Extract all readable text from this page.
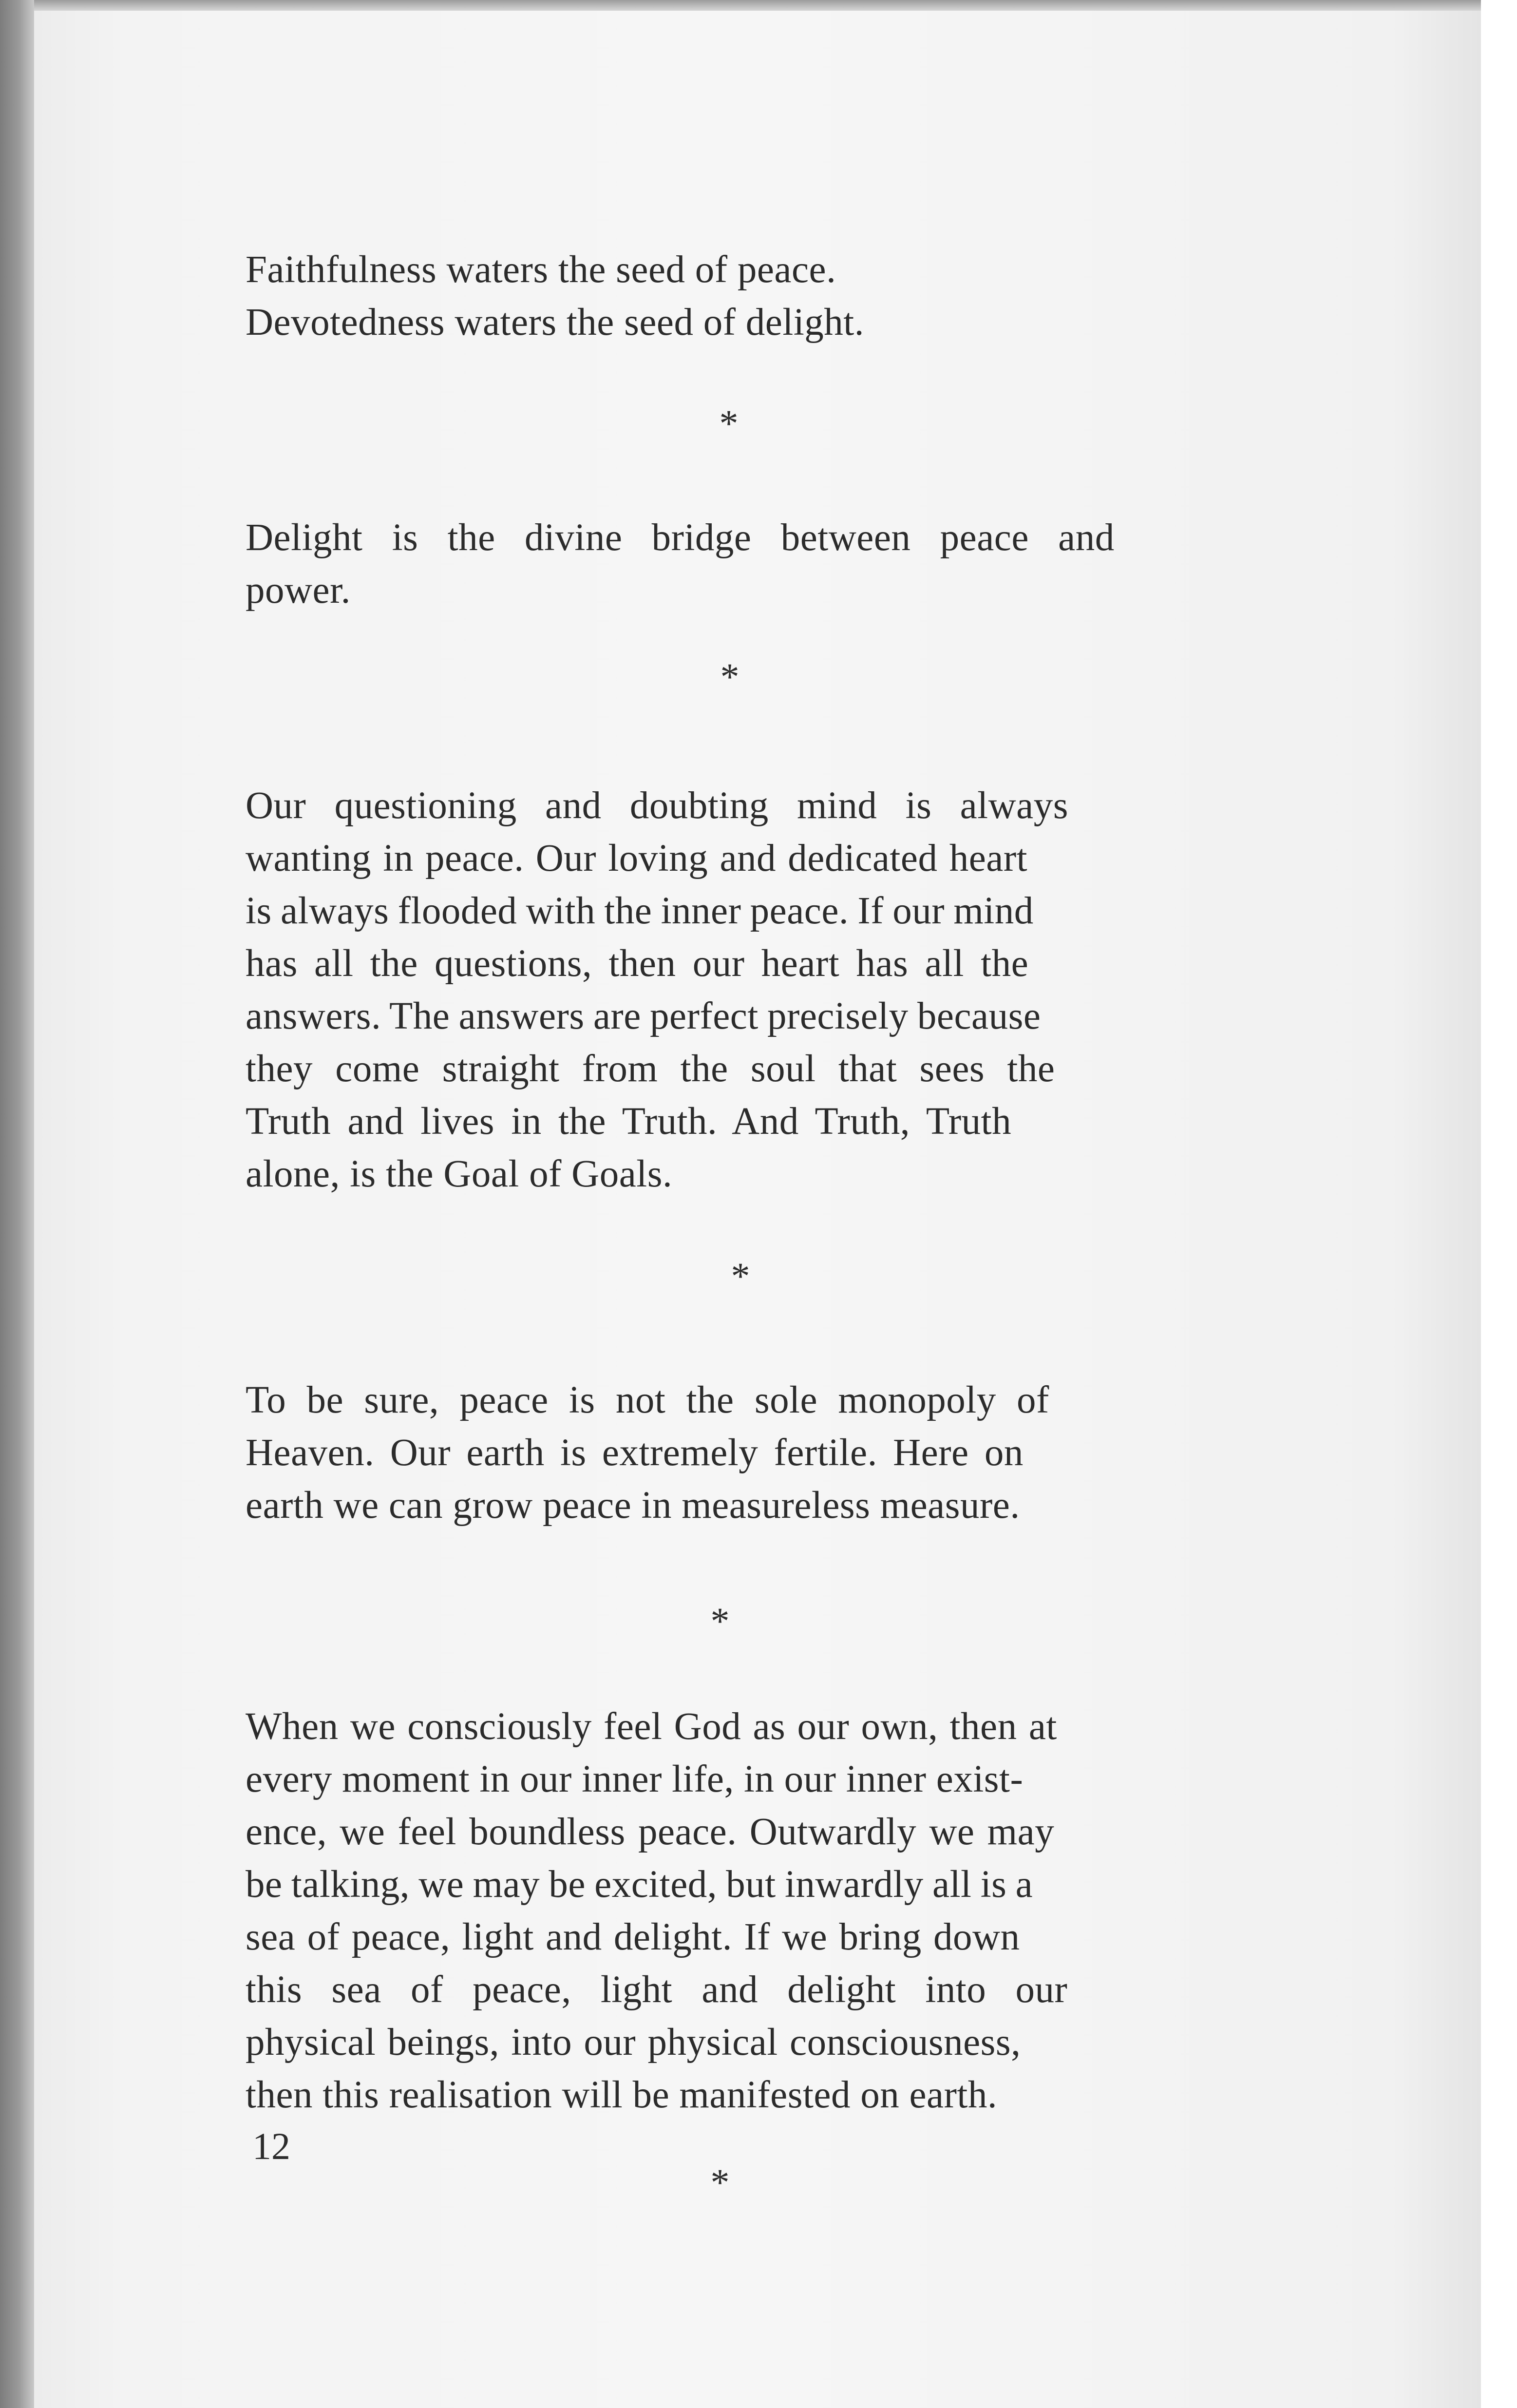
Faithfulness waters the seed of peace.
Devotedness waters the seed of delight.
*
Delight is the divine bridge between peace and
power.
*
Our questioning and doubting mind is always
wanting in peace. Our loving and dedicated heart
is always flooded with the inner peace. If our mind
has all the questions, then our heart has all the
answers. The answers are perfect precisely because
they come straight from the soul that sees the
Truth and lives in the Truth. And Truth, Truth
alone, is the Goal of Goals.
*
To be sure, peace is not the sole monopoly of
Heaven. Our earth is extremely fertile. Here on
earth we can grow peace in measureless measure.
*
When we consciously feel God as our own, then at
every moment in our inner life, in our inner exist-
ence, we feel boundless peace. Outwardly we may
be talking, we may be excited, but inwardly all is a
sea of peace, light and delight. If we bring down
this sea of peace, light and delight into our
physical beings, into our physical consciousness,
then this realisation will be manifested on earth.
*
12
